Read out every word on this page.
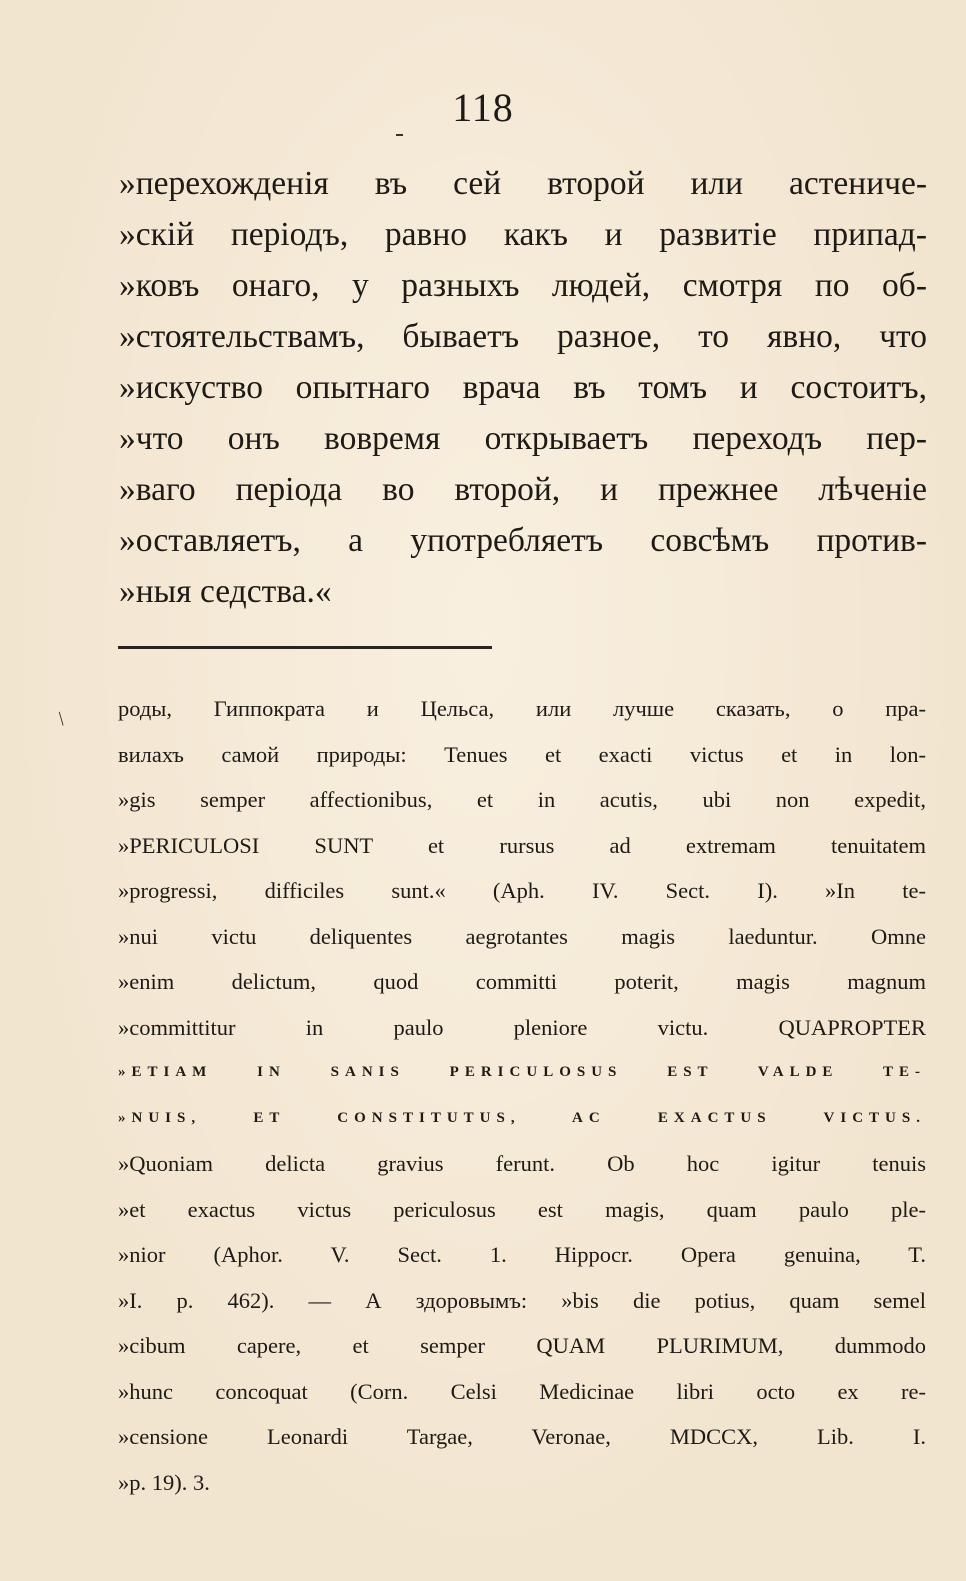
118
»перехожденія въ сей второй или астениче-
»скій періодъ, равно какъ и развитіе припад-
»ковъ онаго, у разныхъ людей, смотря по об-
»стоятельствамъ, бываетъ разное, то явно, что
»искуство опытнаго врача въ томъ и состоитъ,
»что онъ вовремя открываетъ переходъ пер-
»ваго періода во второй, и прежнее лѣченіе
»оставляетъ, а употребляетъ совсѣмъ против-
»ныя седства.«
/ роды, Гиппократа и Цельса, или лучше сказать, о пра-
вилахъ самой природы: Tenues et exacti victus et in lon-
»gis semper affectionibus, et in acutis, ubi non expedit,
»PERICULOSI SUNT et rursus ad extremam tenuitatem
»progressi, difficiles sunt.« (Aph. IV. Sect. I). »In te-
»nui victu deliquentes aegrotantes magis laeduntur. Omne
»enim delictum, quod committi poterit, magis magnum
»committitur in paulo pleniore victu. QUAPROPTER
»ETIAM IN SANIS PERICULOSUS EST VALDE TE-
»NUIS, ET CONSTITUTUS, AC EXACTUS VICTUS.
»Quoniam delicta gravius ferunt. Ob hoc igitur tenuis
»et exactus victus periculosus est magis, quam paulo ple-
»nior (Aphor. V. Sect. 1. Hippocr. Opera genuina, T.
»I. p. 462). — А здоровымъ: »bis die potius, quam semel
»cibum capere, et semper QUAM PLURIMUM, dummodo
»hunc concoquat (Corn. Celsi Medicinae libri octo ex re-
»censione Leonardi Targae, Veronae, MDCCX, Lib. I.
»p. 19). 3.
